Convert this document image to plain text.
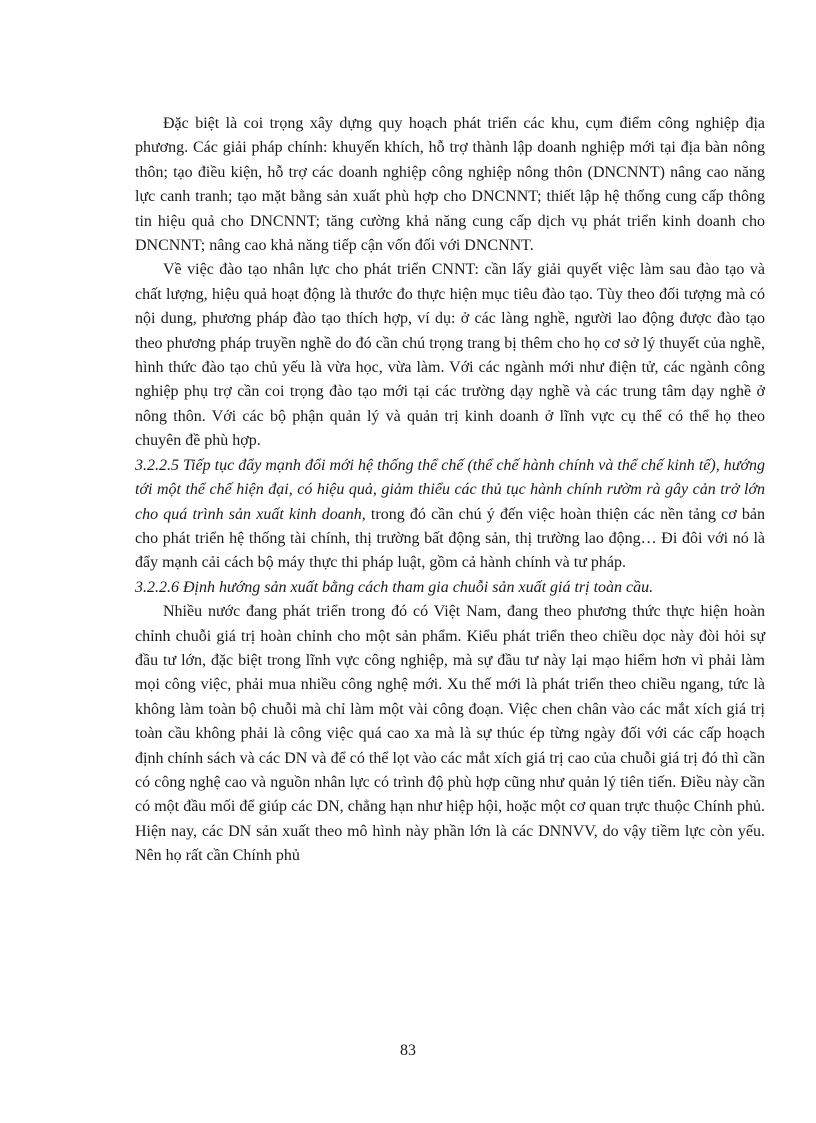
Đặc biệt là coi trọng xây dựng quy hoạch phát triển các khu, cụm điểm công nghiệp địa phương. Các giải pháp chính: khuyến khích, hỗ trợ thành lập doanh nghiệp mới tại địa bàn nông thôn; tạo điều kiện, hỗ trợ các doanh nghiệp công nghiệp nông thôn (DNCNNT) nâng cao năng lực canh tranh; tạo mặt bằng sản xuất phù hợp cho DNCNNT; thiết lập hệ thống cung cấp thông tin hiệu quả cho DNCNNT; tăng cường khả năng cung cấp dịch vụ phát triển kinh doanh cho DNCNNT; nâng cao khả năng tiếp cận vốn đối với DNCNNT.

Về việc đào tạo nhân lực cho phát triển CNNT: cần lấy giải quyết việc làm sau đào tạo và chất lượng, hiệu quả hoạt động là thước đo thực hiện mục tiêu đào tạo. Tùy theo đối tượng mà có nội dung, phương pháp đào tạo thích hợp, ví dụ: ở các làng nghề, người lao động được đào tạo theo phương pháp truyền nghề do đó cần chú trọng trang bị thêm cho họ cơ sở lý thuyết của nghề, hình thức đào tạo chủ yếu là vừa học, vừa làm. Với các ngành mới như điện tử, các ngành công nghiệp phụ trợ cần coi trọng đào tạo mới tại các trường dạy nghề và các trung tâm dạy nghề ở nông thôn. Với các bộ phận quản lý và quản trị kinh doanh ở lĩnh vực cụ thể có thể họ theo chuyên đề phù hợp.

3.2.2.5 Tiếp tục đẩy mạnh đổi mới hệ thống thể chế (thể chế hành chính và thể chế kinh tế), hướng tới một thể chế hiện đại, có hiệu quả, giảm thiểu các thủ tục hành chính rườm rà gây cản trở lớn cho quá trình sản xuất kinh doanh, trong đó cần chú ý đến việc hoàn thiện các nền tảng cơ bản cho phát triển hệ thống tài chính, thị trường bất động sản, thị trường lao động… Đi đôi với nó là đẩy mạnh cải cách bộ máy thực thi pháp luật, gồm cả hành chính và tư pháp.

3.2.2.6 Định hướng sản xuất bằng cách tham gia chuỗi sản xuất giá trị toàn cầu.

Nhiều nước đang phát triển trong đó có Việt Nam, đang theo phương thức thực hiện hoàn chỉnh chuỗi giá trị hoàn chỉnh cho một sản phẩm. Kiểu phát triển theo chiều dọc này đòi hỏi sự đầu tư lớn, đặc biệt trong lĩnh vực công nghiệp, mà sự đầu tư này lại mạo hiểm hơn vì phải làm mọi công việc, phải mua nhiều công nghệ mới. Xu thế mới là phát triển theo chiều ngang, tức là không làm toàn bộ chuỗi mà chỉ làm một vài công đoạn. Việc chen chân vào các mắt xích giá trị toàn cầu không phải là công việc quá cao xa mà là sự thúc ép từng ngày đối với các cấp hoạch định chính sách và các DN và để có thể lọt vào các mắt xích giá trị cao của chuỗi giá trị đó thì cần có công nghệ cao và nguồn nhân lực có trình độ phù hợp cũng như quản lý tiên tiến. Điều này cần có một đầu mối để giúp các DN, chẳng hạn như hiệp hội, hoặc một cơ quan trực thuộc Chính phủ. Hiện nay, các DN sản xuất theo mô hình này phần lớn là các DNNVV, do vậy tiềm lực còn yếu. Nên họ rất cần Chính phủ

83
